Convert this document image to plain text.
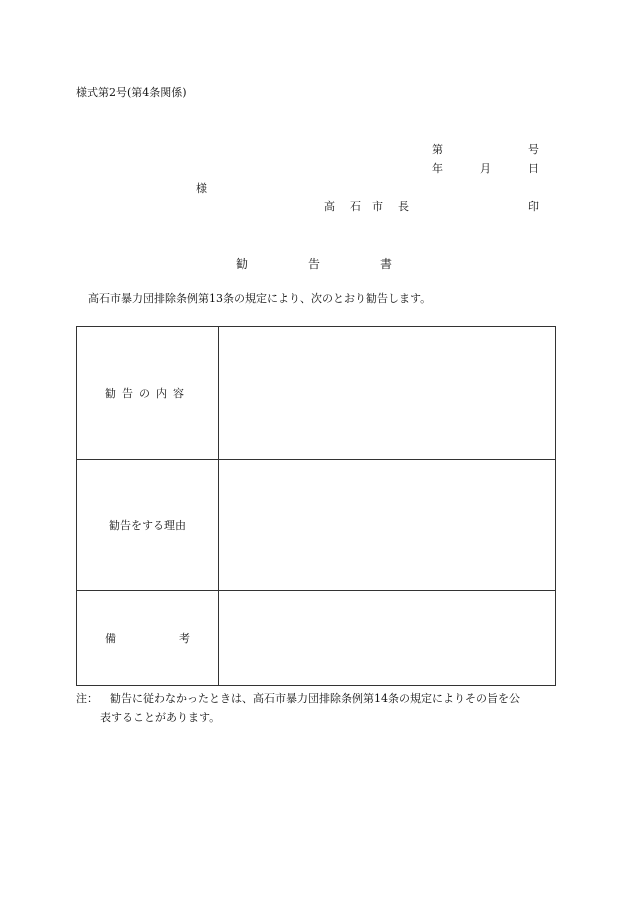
様式第2号(第4条関係)
第	号
年	月	日
様
高 石 市 長	印
勧	告	書
高石市暴力団排除条例第13条の規定により、次のとおり勧告します。
勧告の内容	
勧告をする理由	

備 考	

注： 勧告に従わなかったときは、高石市暴力団排除条例第14条の規定によりその旨を公
表することがあります。
